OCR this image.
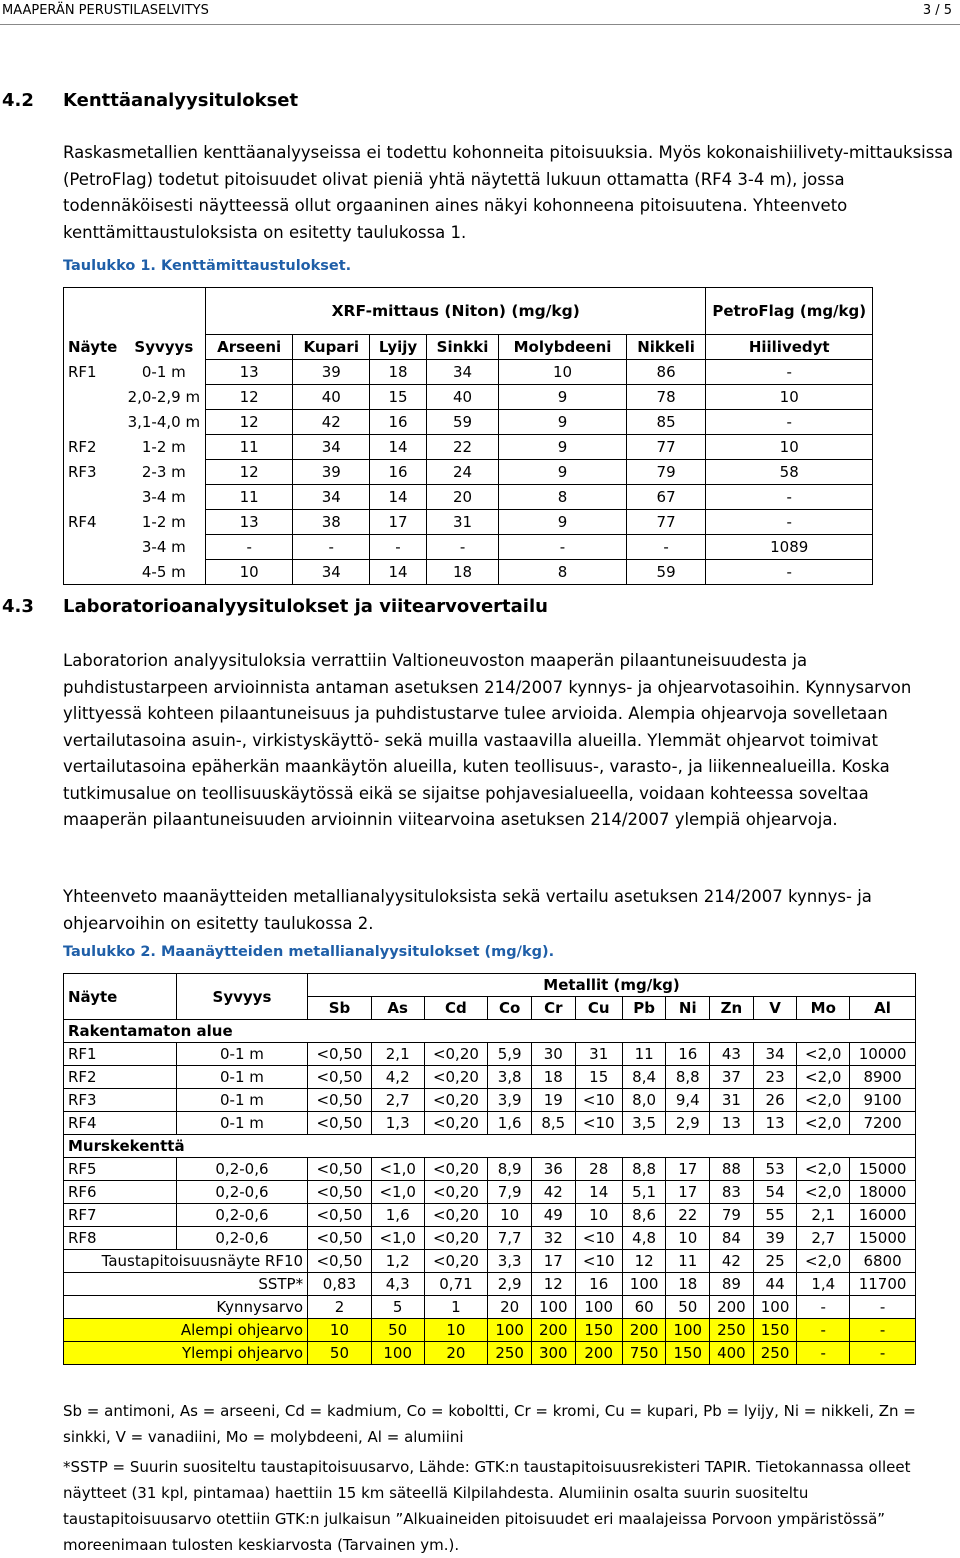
MAAPERÄN PERUSTILASELVITYS	3 / 5
4.2 Kenttäanalyysitulokset

Raskasmetallien kenttäanalyyseissa ei todettu kohonneita pitoisuuksia. Myös kokonaishiilivety-mittauksissa (PetroFlag) todetut pitoisuudet olivat pieniä yhtä näytettä lukuun ottamatta (RF4 3-4 m), jossa todennäköisesti näytteessä ollut orgaaninen aines näkyi kohonneena pitoisuutena. Yhteenveto kenttämittaustuloksista on esitetty taulukossa 1.

Taulukko 1. Kenttämittaustulokset.

		XRF-mittaus (Niton) (mg/kg)						PetroFlag (mg/kg)
Näyte	Syvyys	Arseeni	Kupari	Lyijy	Sinkki	Molybdeeni	Nikkeli	Hiilivedyt
RF1	0-1 m	13	39	18	34	10	86	-
	2,0-2,9 m	12	40	15	40	9	78	10
	3,1-4,0 m	12	42	16	59	9	85	-
RF2	1-2 m	11	34	14	22	9	77	10
RF3	2-3 m	12	39	16	24	9	79	58
	3-4 m	11	34	14	20	8	67	-
RF4	1-2 m	13	38	17	31	9	77	-
	3-4 m	-	-	-	-	-	-	1089
	4-5 m	10	34	14	18	8	59	-
4.3 Laboratorioanalyysitulokset ja viitearvovertailu

Laboratorion analyysituloksia verrattiin Valtioneuvoston maaperän pilaantuneisuudesta ja puhdistustarpeen arvioinnista antaman asetuksen 214/2007 kynnys- ja ohjearvotasoihin. Kynnysarvon ylittyessä kohteen pilaantuneisuus ja puhdistustarve tulee arvioida. Alempia ohjearvoja sovelletaan vertailutasoina asuin-, virkistyskäyttö- sekä muilla vastaavilla alueilla. Ylemmät ohjearvot toimivat vertailutasoina epäherkän maankäytön alueilla, kuten teollisuus-, varasto-, ja liikennealueilla. Koska tutkimusalue on teollisuuskäytössä eikä se sijaitse pohjavesialueella, voidaan kohteessa soveltaa maaperän pilaantuneisuuden arvioinnin viitearvoina asetuksen 214/2007 ylempiä ohjearvoja.

Yhteenveto maanäytteiden metallianalyysituloksista sekä vertailu asetuksen 214/2007 kynnys- ja ohjearvoihin on esitetty taulukossa 2.

Taulukko 2. Maanäytteiden metallianalyysitulokset (mg/kg).

Näyte	Syvyys	Metallit (mg/kg)											
		Sb	As	Cd	Co	Cr	Cu	Pb	Ni	Zn	V	Mo	Al
Rakentamaton alue													
RF1	0-1 m	<0,50	2,1	<0,20	5,9	30	31	11	16	43	34	<2,0	10000
RF2	0-1 m	<0,50	4,2	<0,20	3,8	18	15	8,4	8,8	37	23	<2,0	8900
RF3	0-1 m	<0,50	2,7	<0,20	3,9	19	<10	8,0	9,4	31	26	<2,0	9100
RF4	0-1 m	<0,50	1,3	<0,20	1,6	8,5	<10	3,5	2,9	13	13	<2,0	7200
Murskekenttä													
RF5	0,2-0,6	<0,50	<1,0	<0,20	8,9	36	28	8,8	17	88	53	<2,0	15000
RF6	0,2-0,6	<0,50	<1,0	<0,20	7,9	42	14	5,1	17	83	54	<2,0	18000
RF7	0,2-0,6	<0,50	1,6	<0,20	10	49	10	8,6	22	79	55	2,1	16000
RF8	0,2-0,6	<0,50	<1,0	<0,20	7,7	32	<10	4,8	10	84	39	2,7	15000
Taustapitoisuusnäyte RF10		<0,50	1,2	<0,20	3,3	17	<10	12	11	42	25	<2,0	6800
SSTP*		0,83	4,3	0,71	2,9	12	16	100	18	89	44	1,4	11700
Kynnysarvo		2	5	1	20	100	100	60	50	200	100	-	-
Alempi ohjearvo		10	50	10	100	200	150	200	100	250	150	-	-
Ylempi ohjearvo		50	100	20	250	300	200	750	150	400	250	-	-

Sb = antimoni, As = arseeni, Cd = kadmium, Co = koboltti, Cr = kromi, Cu = kupari, Pb = lyijy, Ni = nikkeli, Zn = sinkki, V = vanadiini, Mo = molybdeeni, Al = alumiini

*SSTP = Suurin suositeltu taustapitoisuusarvo, Lähde: GTK:n taustapitoisuusrekisteri TAPIR. Tietokannassa olleet näytteet (31 kpl, pintamaa) haettiin 15 km säteellä Kilpilahdesta. Alumiinin osalta suurin suositeltu taustapitoisuusarvo otettiin GTK:n julkaisun ”Alkuaineiden pitoisuudet eri maalajeissa Porvoon ympäristössä” moreenimaan tulosten keskiarvosta (Tarvainen ym.).
